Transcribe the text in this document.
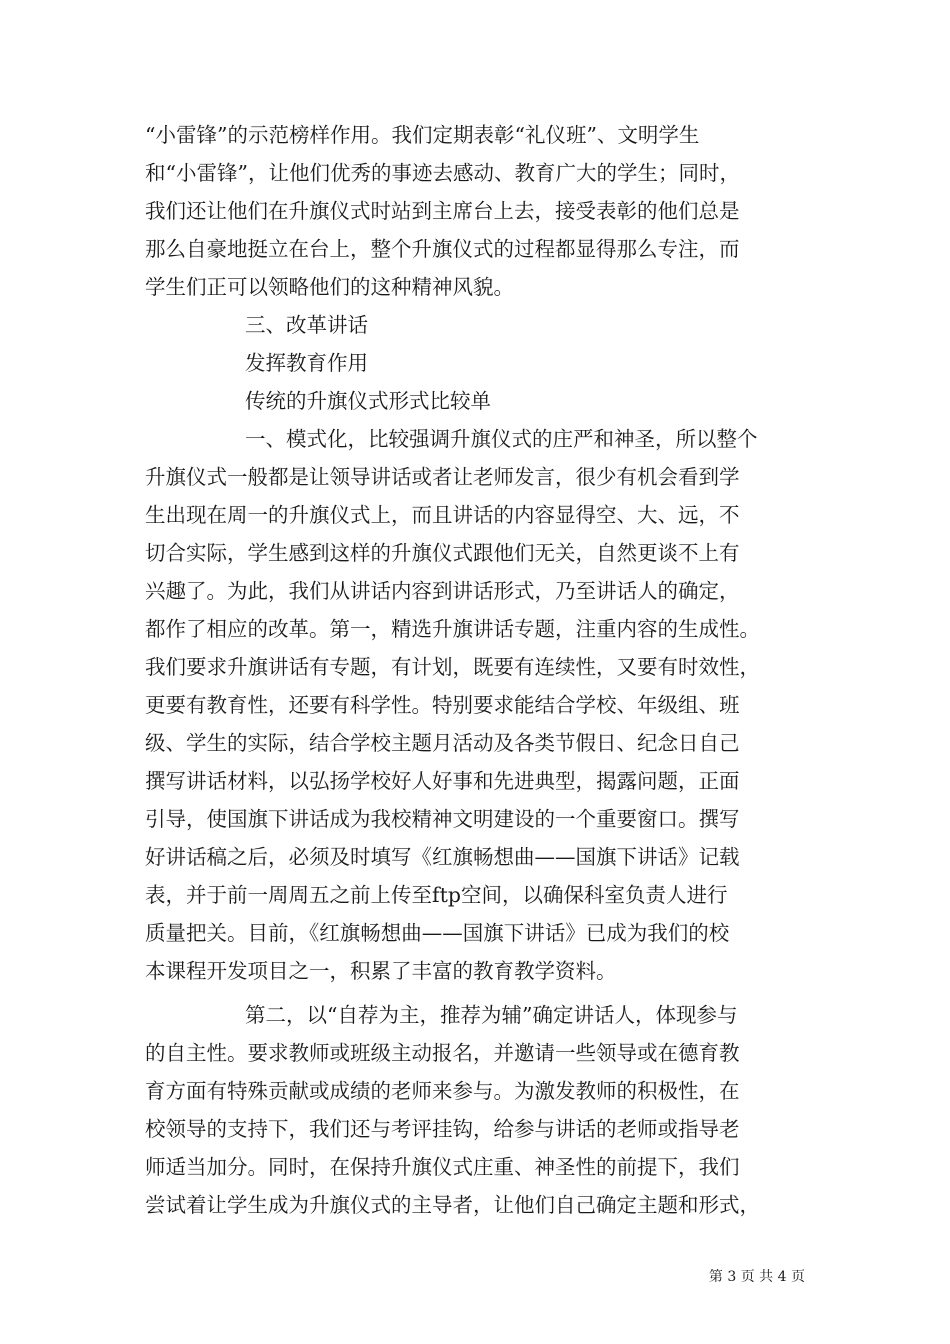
“小雷锋”的示范榜样作用。我们定期表彰“礼仪班”、文明学生
和“小雷锋”，让他们优秀的事迹去感动、教育广大的学生；同时，
我们还让他们在升旗仪式时站到主席台上去，接受表彰的他们总是
那么自豪地挺立在台上，整个升旗仪式的过程都显得那么专注，而
学生们正可以领略他们的这种精神风貌。
三、改革讲话
发挥教育作用
传统的升旗仪式形式比较单
一、模式化，比较强调升旗仪式的庄严和神圣，所以整个
升旗仪式一般都是让领导讲话或者让老师发言，很少有机会看到学
生出现在周一的升旗仪式上，而且讲话的内容显得空、大、远，不
切合实际，学生感到这样的升旗仪式跟他们无关，自然更谈不上有
兴趣了。为此，我们从讲话内容到讲话形式，乃至讲话人的确定，
都作了相应的改革。第一，精选升旗讲话专题，注重内容的生成性。
我们要求升旗讲话有专题，有计划，既要有连续性，又要有时效性，
更要有教育性，还要有科学性。特别要求能结合学校、年级组、班
级、学生的实际，结合学校主题月活动及各类节假日、纪念日自己
撰写讲话材料，以弘扬学校好人好事和先进典型，揭露问题，正面
引导，使国旗下讲话成为我校精神文明建设的一个重要窗口。撰写
好讲话稿之后，必须及时填写《红旗畅想曲——国旗下讲话》记载
表，并于前一周周五之前上传至ftp空间，以确保科室负责人进行
质量把关。目前，《红旗畅想曲——国旗下讲话》已成为我们的校
本课程开发项目之一，积累了丰富的教育教学资料。
第二，以“自荐为主，推荐为辅”确定讲话人，体现参与
的自主性。要求教师或班级主动报名，并邀请一些领导或在德育教
育方面有特殊贡献或成绩的老师来参与。为激发教师的积极性，在
校领导的支持下，我们还与考评挂钩，给参与讲话的老师或指导老
师适当加分。同时，在保持升旗仪式庄重、神圣性的前提下，我们
尝试着让学生成为升旗仪式的主导者，让他们自己确定主题和形式，
第 3 页 共 4 页
